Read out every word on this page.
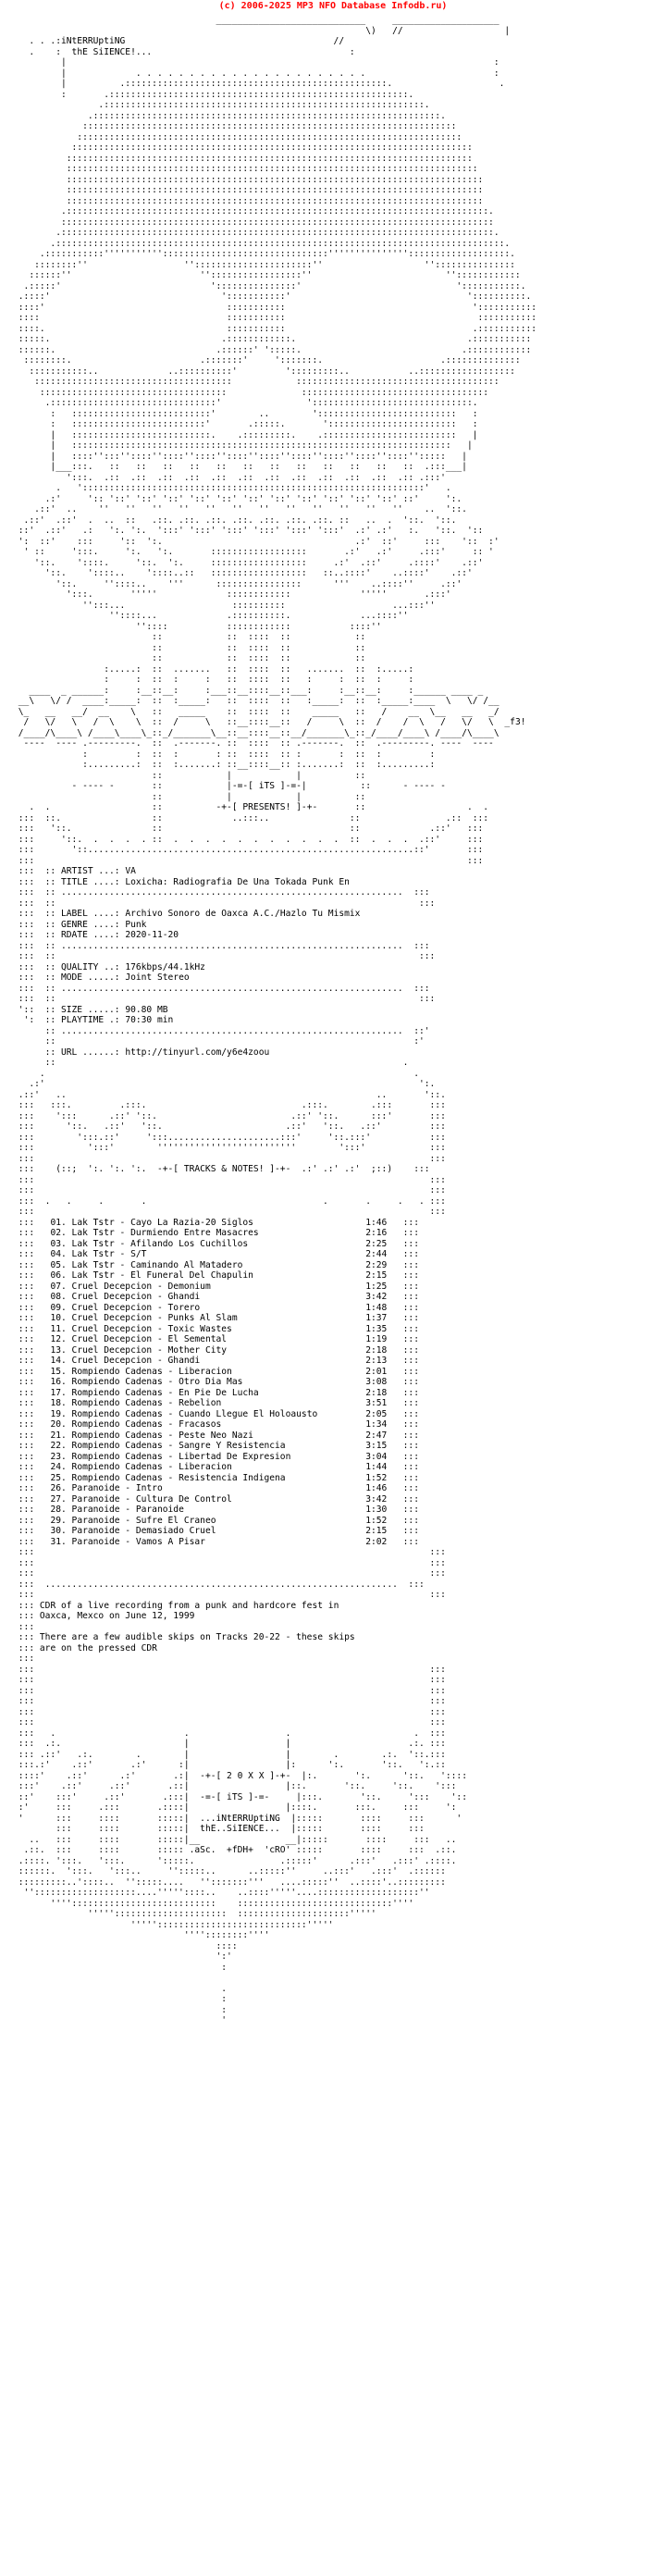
(c) 2006-2025 MP3 NFO Database Infodb.ru)
____________________________     ____________________
\)   //                   |
. . .:iNtERRUptiNG	//
.    :  thE SiIENCE!...	:
|                                                                                :
|             . . . . . . . . . . . . . . . . . . . . . .                        :
|          .:::::::::::::::::::::::::::::::::::::::::::::::::.                    .
:       .::::::::::::::::::::::::::::::::::::::::::::::::::::::::.
.::::::::::::::::::::::::::::::::::::::::::::::::::::::::::::.
.:::::::::::::::::::::::::::::::::::::::::::::::::::::::::::::::::.
::::::::::::::::::::::::::::::::::::::::::::::::::::::::::::::::::::::
::::::::::::::::::::::::::::::::::::::::::::::::::::::::::::::::::::::::
:::::::::::::::::::::::::::::::::::::::::::::::::::::::::::::::::::::::::::
::::::::::::::::::::::::::::::::::::::::::::::::::::::::::::::::::::::::::::
:::::::::::::::::::::::::::::::::::::::::::::::::::::::::::::::::::::::::::::
::::::::::::::::::::::::::::::::::::::::::::::::::::::::::::::::::::::::::::::
::::::::::::::::::::::::::::::::::::::::::::::::::::::::::::::::::::::::::::::
::::::::::::::::::::::::::::::::::::::::::::::::::::::::::::::::::::::::::::::
.:::::::::::::::::::::::::::::::::::::::::::::::::::::::::::::::::::::::::::::::.
:::::::::::::::::::::::::::::::::::::::::::::::::::::::::::::::::::::::::::::::::
.:::::::::::::::::::::::::::::::::::::::::::::::::::::::::::::::::::::::::::::::::.
.::::::::::::::::::::::::::::::::::::::::::::::::::::::::::::::::::::::::::::::::::::.
.:::::::::::''''''''''':::::::::::::::::::::::::::::::''''''''''''''':::::::::::::::::::.
::::::::''                  ''::::::::::::::::::::::''                   '':::::::::::::::
::::::''                        '':::::::::::::::::''                         ''::::::::::::
.:::::'                            ':::::::::::::::'                             ':::::::::::.
.::::'                                ':::::::::::'                                 '::::::::::.
::::'                                  :::::::::::                                   ':::::::::::
::::                                   :::::::::::                                    :::::::::::
::::.                                  :::::::::::                                   .:::::::::::
:::::.                                .::::::::::::.                                .:::::::::::
::::::.                              .::::::' ':::::.                              .::::::::::::
::::::::.                        .:::::::'     ':::::::.                      .::::::::::::::
:::::::::::..             ..::::::::::'         ':::::::::..           ..::::::::::::::::::
:::::::::::::::::::::::::::::::::::::            ::::::::::::::::::::::::::::::::::::::
:::::::::::::::::::::::::::::::::::              :::::::::::::::::::::::::::::::::::
.:::::::::::::::::::::::::::::::'                '::::::::::::::::::::::::::::::.
:   ::::::::::::::::::::::::::'        ..        '::::::::::::::::::::::::::   :
:   :::::::::::::::::::::::::'       .:::::.       '::::::::::::::::::::::::   :
|   ::::::::::::::::::::::::::.    .:::::::::.    .:::::::::::::::::::::::::   |
|   :::::::::::::::::::::::::::::::::::::::::::::::::::::::::::::::::::::::   |
|   ::::'':::''::::''::::''::::''::::''::::''::::''::::''::::''::::'':::::   |
|___:::.   ::   ::   ::   ::   ::   ::   ::   ::   ::   ::   ::   ::  .:::___|
':::.  .::  .::  .::  .::  .::  .::  .::  .::  .::  .::  .::  .:: .:::'
.   '::::::::::::::::::::::::::::::::::::::::::::::::::::::::::::::::'   .
.:'     ':: '::' '::' '::' '::' '::' '::' '::' '::' '::' '::' '::' ::'     ':.
.::'  ..    ''   ''   ''   ''   ''   ''   ''   ''   ''   ''   ''   ''    ..  '::.
.::'  .::'  .  ..  ::   .::. .::. .::. .::. .::. .::. .::. ::   ..  .  '::.  '::.
::'  .::'   .:   ':. ':.  ':::' ':::' ':::' ':::' ':::' ':::'  .:' .:'   :.   '::.  '::
':  ::'    :::     '::  ':.                                    .:'  ::'     :::    '::  :'
' ::     ':::.     ':.   ':.       ::::::::::::::::::       .:'   .:'     .:::'     :: '
'::.    '::::.     '::.  ':.     ::::::::::::::::::     .:'  .::'     .::::'    .::'
'::.    '::::..    '::::..::   ::::::::::::::::::   ::..::::'    ..::::'    .::'
'::.     ''::::..    '''      ::::::::::::::::      '''    ..::::''     .::'
':::.       '''''             ::::::::::::             '''''       .:::'
'':::...                    ::::::::::                    ...:::''
''::::...             .::::::::::.             ...::::''
''::::           ::::::::::::           ::::''
::            ::  ::::  ::            ::
::            ::  ::::  ::            ::
::            ::  ::::  ::            ::
:.....:  ::  .......   ::  ::::  ::   .......  ::  :.....:
:     :  ::  :     :   ::  ::::  ::   :     :  ::  :     :
____  _ ______:     :__::__:     :___::__::::__::___:     :__::__:     :______ ____ _
__\   \/ /  ____:_____:  ::  :_____:   ::  ::::  ::   :_____:  ::  :_____:____  \   \/ /__
\_   __   __/  __    \   ::   _____    ::  ::::  ::    _____   ::   /    __  \__   __   _/
/   \/   \   /  \    \  ::  /     \   ::__::::__::   /     \  ::  /    /  \   /   \/   \  _f3!
/____/\____\ /____\____\_::_/_______\__::__::::__::__/_______\_::_/____/____\ /____/\____\
----  ---- .---------.  ::  .-------. ::  ::::  :: .-------.  ::  .---------. ----  ----
:         :  ::  :       : ::  ::::  :: :       :  ::  :         :
:.........:  ::  :.......: ::__::::__:: :.......:  ::  :.........:
::            |            |          ::
- ---- -       ::            |-=-[ iTS ]-=-|          ::      - ---- -
::            |            |          ::
.  .                   ::	-+-[ PRESENTS! ]-+-	::                   .  .
:::  ::.                 ::             ..:::..               ::                .::  :::
:::   '::.               ::                                   ::             .::'   :::
:::     '::.  .  .  .  . ::  .  .  .  .  .  .  .  .  .  .  .  ::  .  .  .  .::'     :::
:::       '::.............................................................::'       :::
:::                                                                                 :::

:::  :: ARTIST ...: VA
:::  :: TITLE ....: Loxicha: Radiografia De Una Tokada Punk En
:::  :: ................................................................  :::
:::  ::                                                                    :::
:::  :: LABEL ....: Archivo Sonoro de Oaxca A.C./Hazlo Tu Mismix
:::  :: GENRE ....: Punk
:::  :: RDATE ....: 2020-11-20
:::  :: ................................................................  :::
:::  ::                                                                    :::
:::  :: QUALITY ..: 176kbps/44.1kHz
:::  :: MODE .....: Joint Stereo
:::  :: ................................................................  :::
:::  ::                                                                    :::
'::  :: SIZE .....: 90.80 MB
':  :: PLAYTIME .: 70:30 min
:: ................................................................  ::'
::                                                                   :'
:: URL ......: http://tinyurl.com/y6e4zoou
::                                                                 .

.                                                                     .
.:'                                                                      ':.
.::'   ..                                                          ..       '::.
:::   :::.         .:::.                             .:::.        .:::       :::
:::    ':::      .::' '::.                         .::' '::.      :::'       :::
:::      '::.   .::'   '::.                       .::'   '::.   .::'         :::
:::        ':::.::'     ':::.....................:::'     '::.:::'           :::
:::          ':::'        ''''''''''''''''''''''''''        ':::'            :::
:::                                                                          :::
:::    (::;  ':. ':. ':.  -+-[ TRACKS & NOTES! ]-+-  .:' .:' .:'  ;::)    :::
:::                                                                          :::
:::                                                                          :::
:::  .   .     .       .                                 .       .     .   . :::
:::                                                                          :::

:::   01. Lak Tstr - Cayo La Razia-20 Siglos	1:46   :::
:::   02. Lak Tstr - Durmiendo Entre Masacres	2:16   :::
:::   03. Lak Tstr - Afilando Los Cuchillos	2:25   :::
:::   04. Lak Tstr - S/T	2:44   :::
:::   05. Lak Tstr - Caminando Al Matadero	2:29   :::
:::   06. Lak Tstr - El Funeral Del Chapulin	2:15   :::
:::   07. Cruel Decepcion - Demonium	1:25   :::
:::   08. Cruel Decepcion - Ghandi	3:42   :::
:::   09. Cruel Decepcion - Torero	1:48   :::
:::   10. Cruel Decepcion - Punks Al Slam	1:37   :::
:::   11. Cruel Decepcion - Toxic Wastes	1:35   :::
:::   12. Cruel Decepcion - El Semental	1:19   :::
:::   13. Cruel Decepcion - Mother City	2:18   :::
:::   14. Cruel Decepcion - Ghandi	2:13   :::
:::   15. Rompiendo Cadenas - Liberacion	2:01   :::
:::   16. Rompiendo Cadenas - Otro Dia Mas	3:08   :::
:::   17. Rompiendo Cadenas - En Pie De Lucha	2:18   :::
:::   18. Rompiendo Cadenas - Rebelion	3:51   :::
:::   19. Rompiendo Cadenas - Cuando Llegue El Holoausto	2:05   :::
:::   20. Rompiendo Cadenas - Fracasos	1:34   :::
:::   21. Rompiendo Cadenas - Peste Neo Nazi	2:47   :::
:::   22. Rompiendo Cadenas - Sangre Y Resistencia	3:15   :::
:::   23. Rompiendo Cadenas - Libertad De Expresion	3:04   :::
:::   24. Rompiendo Cadenas - Liberacion	1:44   :::
:::   25. Rompiendo Cadenas - Resistencia Indigena	1:52   :::
:::   26. Paranoide - Intro	1:46   :::
:::   27. Paranoide - Cultura De Control	3:42   :::
:::   28. Paranoide - Paranoide	1:30   :::
:::   29. Paranoide - Sufre El Craneo	1:52   :::
:::   30. Paranoide - Demasiado Cruel	2:15   :::
:::   31. Paranoide - Vamos A Pisar	2:02   :::
:::                                                                          :::
:::                                                                          :::
:::                                                                          :::
:::  ..................................................................  :::
:::                                                                          :::

::: CDR of a live recording from a punk and hardcore fest in
::: Oaxca, Mexco on June 12, 1999
:::
::: There are a few audible skips on Tracks 20-22 - these skips
::: are on the pressed CDR
:::

:::                                                                          :::
:::                                                                          :::
:::                                                                          :::
:::                                                                          :::
:::                                                                          :::
:::                                                                          :::
:::   .                        .                  .                       .  :::
:::  .:.                       |                  |                      .:. :::
::: .::'   .:.        .        |                  |        .        .:.  '::.:::
:::.:'    .::'       .:'      :|                  |:      ':.       '::.   ':.::
::::'    .::'      .:'       .:|  -+-[ 2 0 X X ]-+-  |:.       ':.      '::.   '::::
:::'    .::'     .::'       .::|                  |::.       '::.     '::.    ':::
::'    :::'     .::'       .:::|  -=-[ iTS ]-=-	|:::.       '::.     ':::    '::
:'     :::     .:::       .::::|                  |::::.       :::.     :::     ':
'      :::     ::::       :::::|  ...iNtERRUptiNG  |:::::       ::::     :::      '
:::     ::::       :::::|  thE..SiIENCE...  |:::::       ::::     :::
..   :::     ::::       :::::|__                __|:::::       ::::     :::   ..
.::.  :::     ::::       ::::: .aSc.  +fDH+  'cRO' :::::       ::::     :::  .::.
.::::. ':::.   ':::.      ':::::.                .:::::'      .:::'   .:::' .::::.
::::::.  ':::.   ':::..     '':::::..      ..:::::''     ..:::'   .:::'  .::::::
:::::::::..'::::..  '':::::....   '':::::::'''   ....:::::''  ..::::'..:::::::::
'':::::::::::::::::::....'''''::::..    ..::::'''''....:::::::::::::::::::''
'''':::::::::::::::::::::::::::    :::::::::::::::::::::::::::::''''
''''':::::::::::::::::::::  :::::::::::::::::::::'''''
'''''::::::::::::::::::::::::::::'''''
''''::::::::''''
::::
':'
:

.
:
:
'
